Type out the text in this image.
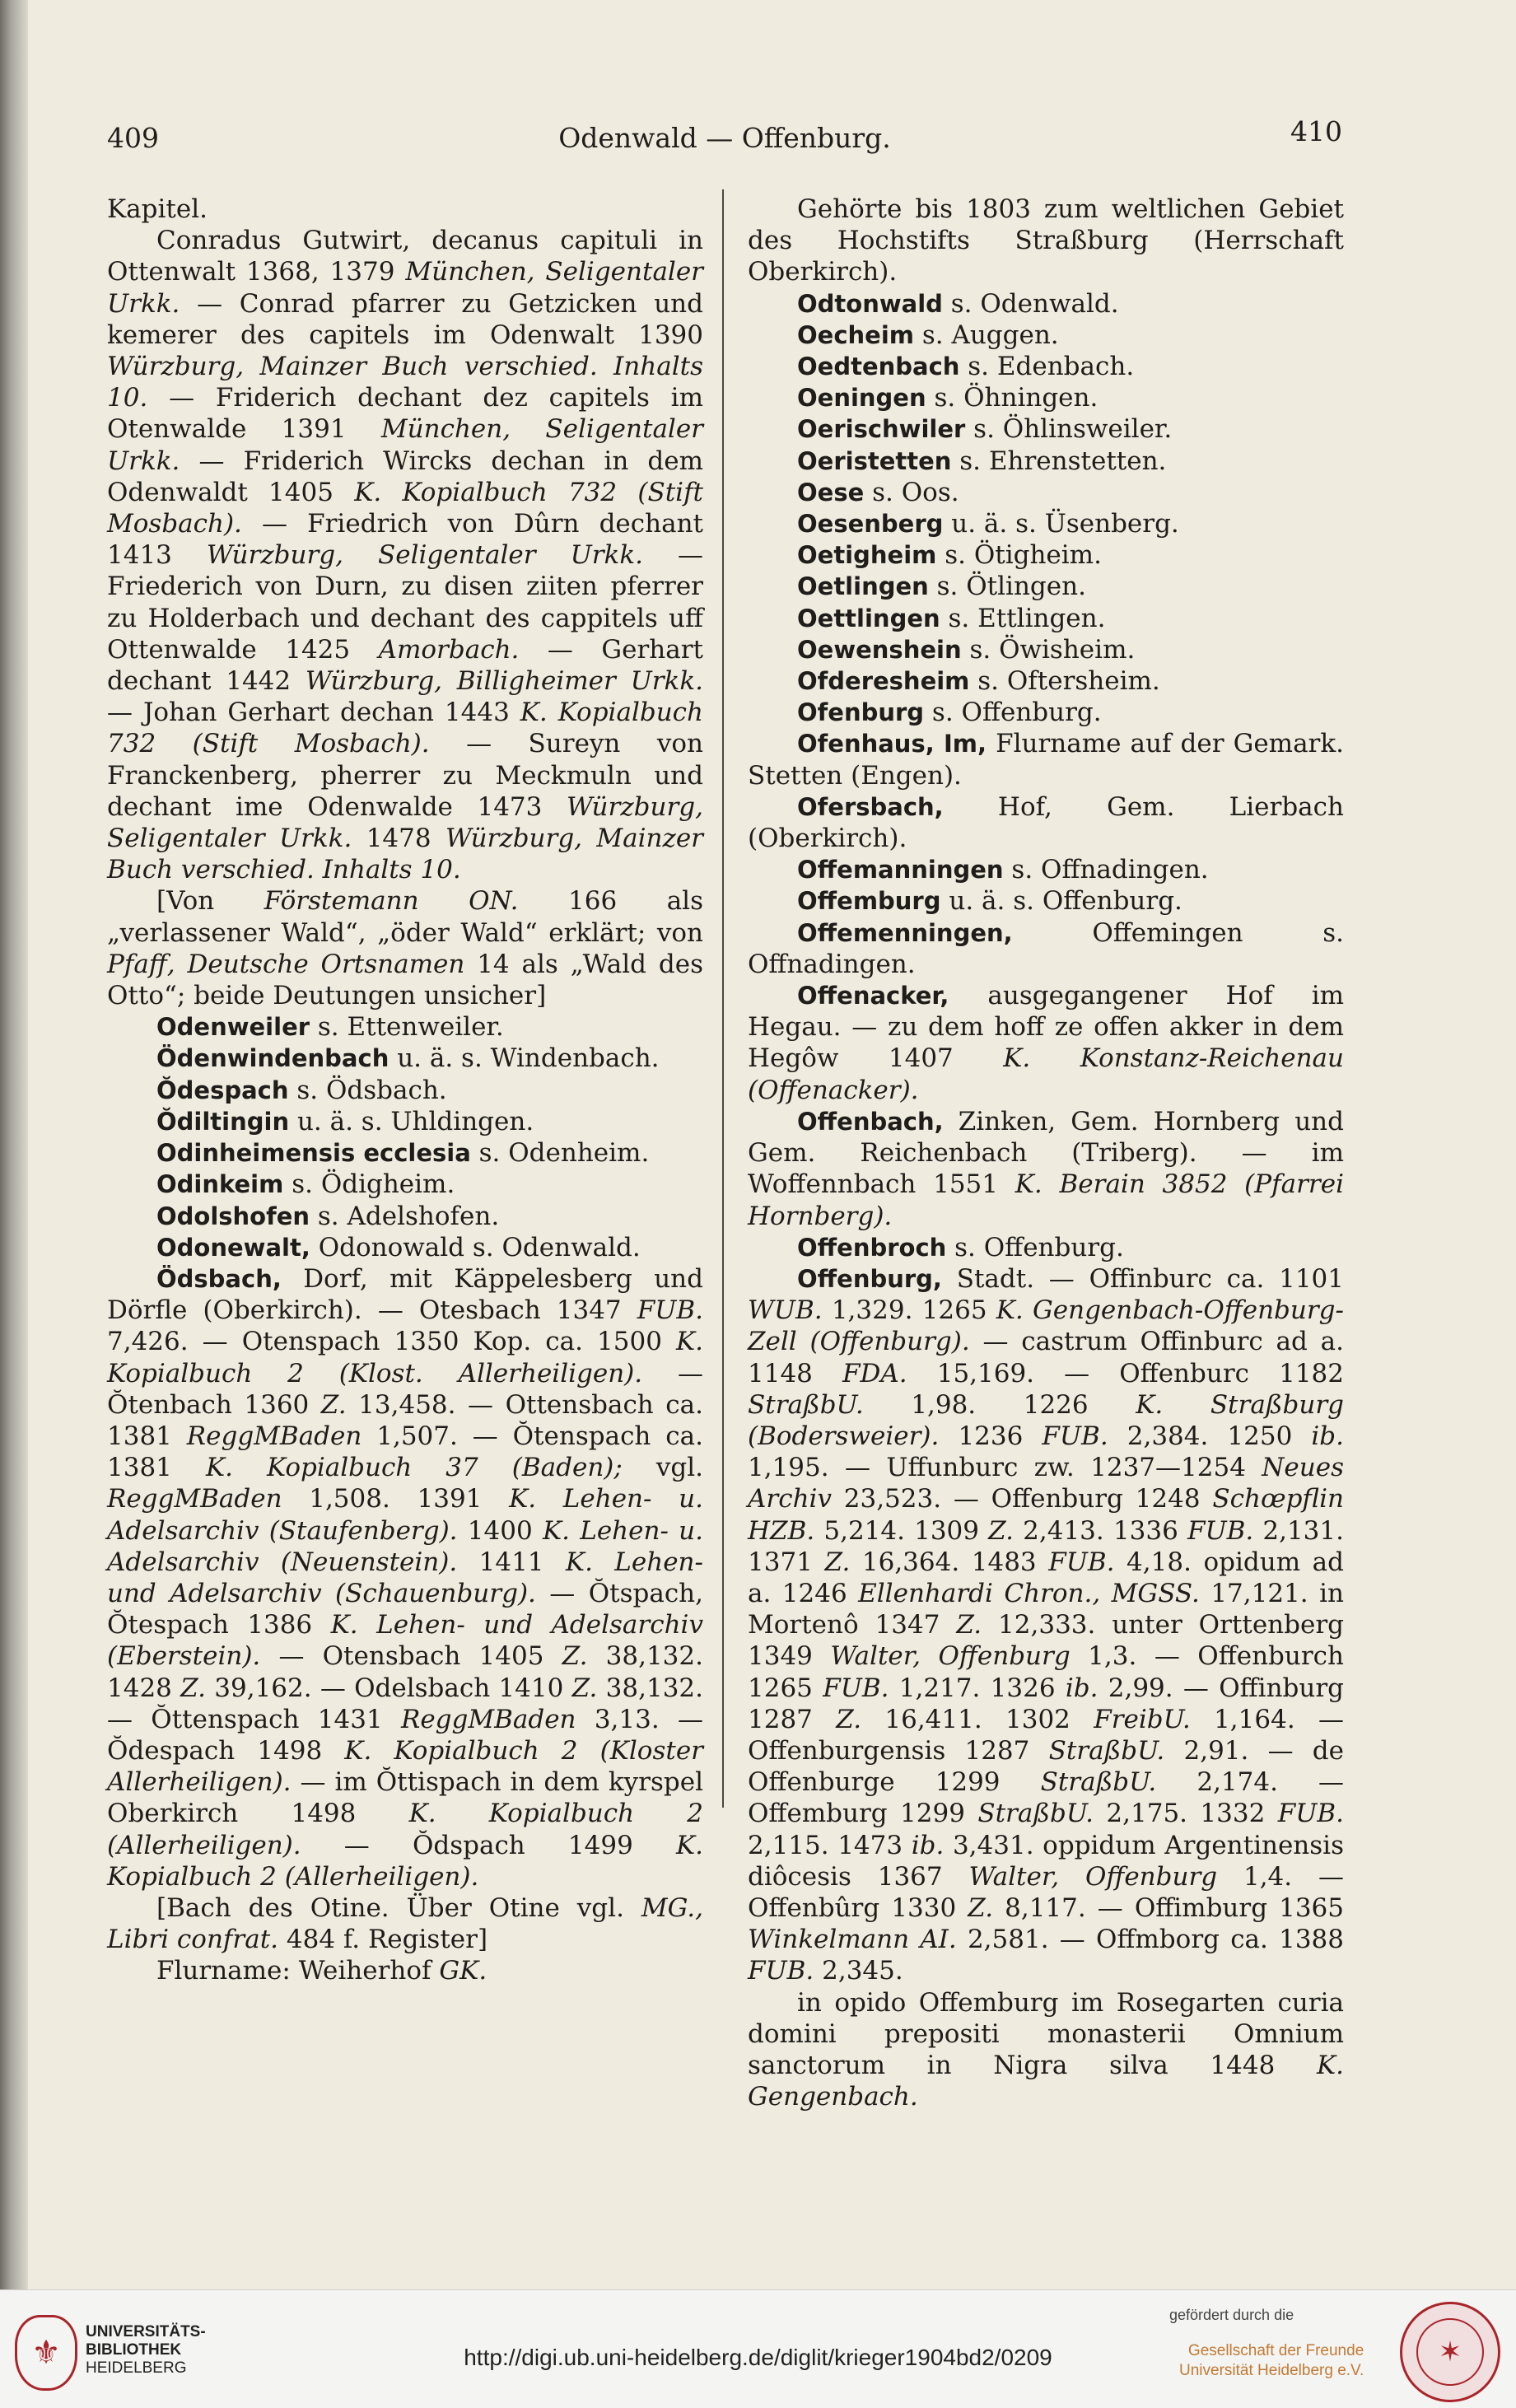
409	Odenwald — Offenburg.	410

Kapitel.

Conradus Gutwirt, decanus capituli in Ottenwalt 1368, 1379 München, Seligentaler Urkk. — Conrad pfarrer zu Getzicken und kemerer des capitels im Odenwalt 1390 Würzburg, Mainzer Buch verschied. Inhalts 10. — Friderich dechant dez capitels im Otenwalde 1391 München, Seligentaler Urkk. — Friderich Wircks dechan in dem Odenwaldt 1405 K. Kopialbuch 732 (Stift Mosbach). — Friedrich von Dûrn dechant 1413 Würzburg, Seligentaler Urkk. — Friederich von Durn, zu disen ziiten pferrer zu Holderbach und dechant des cappitels uff Ottenwalde 1425 Amorbach. — Gerhart dechant 1442 Würzburg, Billigheimer Urkk. — Johan Gerhart dechan 1443 K. Kopialbuch 732 (Stift Mosbach). — Sureyn von Franckenberg, pherrer zu Meckmuln und dechant ime Odenwalde 1473 Würzburg, Seligentaler Urkk. 1478 Würzburg, Mainzer Buch verschied. Inhalts 10.

[Von Förstemann ON. 166 als „verlassener Wald“, „öder Wald“ erklärt; von Pfaff, Deutsche Ortsnamen 14 als „Wald des Otto“; beide Deutungen unsicher]

Odenweiler s. Ettenweiler.

Ödenwindenbach u. ä. s. Windenbach.

Ŏdespach s. Ödsbach.

Ŏdiltingin u. ä. s. Uhldingen.

Odinheimensis ecclesia s. Odenheim.

Odinkeim s. Ödigheim.

Odolshofen s. Adelshofen.

Odonewalt, Odonowald s. Odenwald.

Ödsbach, Dorf, mit Käppelesberg und Dörfle (Oberkirch). — Otesbach 1347 FUB. 7,426. — Otenspach 1350 Kop. ca. 1500 K. Kopialbuch 2 (Klost. Allerheiligen). — Ŏtenbach 1360 Z. 13,458. — Ottensbach ca. 1381 ReggMBaden 1,507. — Ŏtenspach ca. 1381 K. Kopialbuch 37 (Baden); vgl. ReggMBaden 1,508. 1391 K. Lehen- u. Adelsarchiv (Staufenberg). 1400 K. Lehen- u. Adelsarchiv (Neuenstein). 1411 K. Lehen- und Adelsarchiv (Schauenburg). — Ŏtspach, Ŏtespach 1386 K. Lehen- und Adelsarchiv (Eberstein). — Otensbach 1405 Z. 38,132. 1428 Z. 39,162. — Odelsbach 1410 Z. 38,132. — Ŏttenspach 1431 ReggMBaden 3,13. — Ŏdespach 1498 K. Kopialbuch 2 (Kloster Allerheiligen). — im Ŏttispach in dem kyrspel Oberkirch 1498 K. Kopialbuch 2 (Allerheiligen). — Ŏdspach 1499 K. Kopialbuch 2 (Allerheiligen).

[Bach des Otine. Über Otine vgl. MG., Libri confrat. 484 f. Register]

Flurname: Weiherhof GK.

Gehörte bis 1803 zum weltlichen Gebiet des Hochstifts Straßburg (Herrschaft Oberkirch).

Odtonwald s. Odenwald.

Oecheim s. Auggen.

Oedtenbach s. Edenbach.

Oeningen s. Öhningen.

Oerischwiler s. Öhlinsweiler.

Oeristetten s. Ehrenstetten.

Oese s. Oos.

Oesenberg u. ä. s. Üsenberg.

Oetigheim s. Ötigheim.

Oetlingen s. Ötlingen.

Oettlingen s. Ettlingen.

Oewenshein s. Öwisheim.

Ofderesheim s. Oftersheim.

Ofenburg s. Offenburg.

Ofenhaus, Im, Flurname auf der Gemark. Stetten (Engen).

Ofersbach, Hof, Gem. Lierbach (Oberkirch).

Offemanningen s. Offnadingen.

Offemburg u. ä. s. Offenburg.

Offemenningen, Offemingen s. Offnadingen.

Offenacker, ausgegangener Hof im Hegau. — zu dem hoff ze offen akker in dem Hegôw 1407 K. Konstanz-Reichenau (Offenacker).

Offenbach, Zinken, Gem. Hornberg und Gem. Reichenbach (Triberg). — im Woffennbach 1551 K. Berain 3852 (Pfarrei Hornberg).

Offenbroch s. Offenburg.

Offenburg, Stadt. — Offinburc ca. 1101 WUB. 1,329. 1265 K. Gengenbach-Offenburg-Zell (Offenburg). — castrum Offinburc ad a. 1148 FDA. 15,169. — Offenburc 1182 StraßbU. 1,98. 1226 K. Straßburg (Bodersweier). 1236 FUB. 2,384. 1250 ib. 1,195. — Uffunburc zw. 1237—1254 Neues Archiv 23,523. — Offenburg 1248 Schœpflin HZB. 5,214. 1309 Z. 2,413. 1336 FUB. 2,131. 1371 Z. 16,364. 1483 FUB. 4,18. opidum ad a. 1246 Ellenhardi Chron., MGSS. 17,121. in Mortenô 1347 Z. 12,333. unter Orttenberg 1349 Walter, Offenburg 1,3. — Offenburch 1265 FUB. 1,217. 1326 ib. 2,99. — Offinburg 1287 Z. 16,411. 1302 FreibU. 1,164. — Offenburgensis 1287 StraßbU. 2,91. — de Offenburge 1299 StraßbU. 2,174. — Offemburg 1299 StraßbU. 2,175. 1332 FUB. 2,115. 1473 ib. 3,431. oppidum Argentinensis diôcesis 1367 Walter, Offenburg 1,4. — Offenbûrg 1330 Z. 8,117. — Offimburg 1365 Winkelmann AI. 2,581. — Offmborg ca. 1388 FUB. 2,345.

in opido Offemburg im Rosegarten curia domini prepositi monasterii Omnium sanctorum in Nigra silva 1448 K. Gengenbach.

⚜
UNIVERSITÄTS-
BIBLIOTHEK
HEIDELBERG	http://digi.ub.uni-heidelberg.de/diglit/krieger1904bd2/0209
gefördert durch die
Gesellschaft der Freunde
Universität Heidelberg e.V.
✶
